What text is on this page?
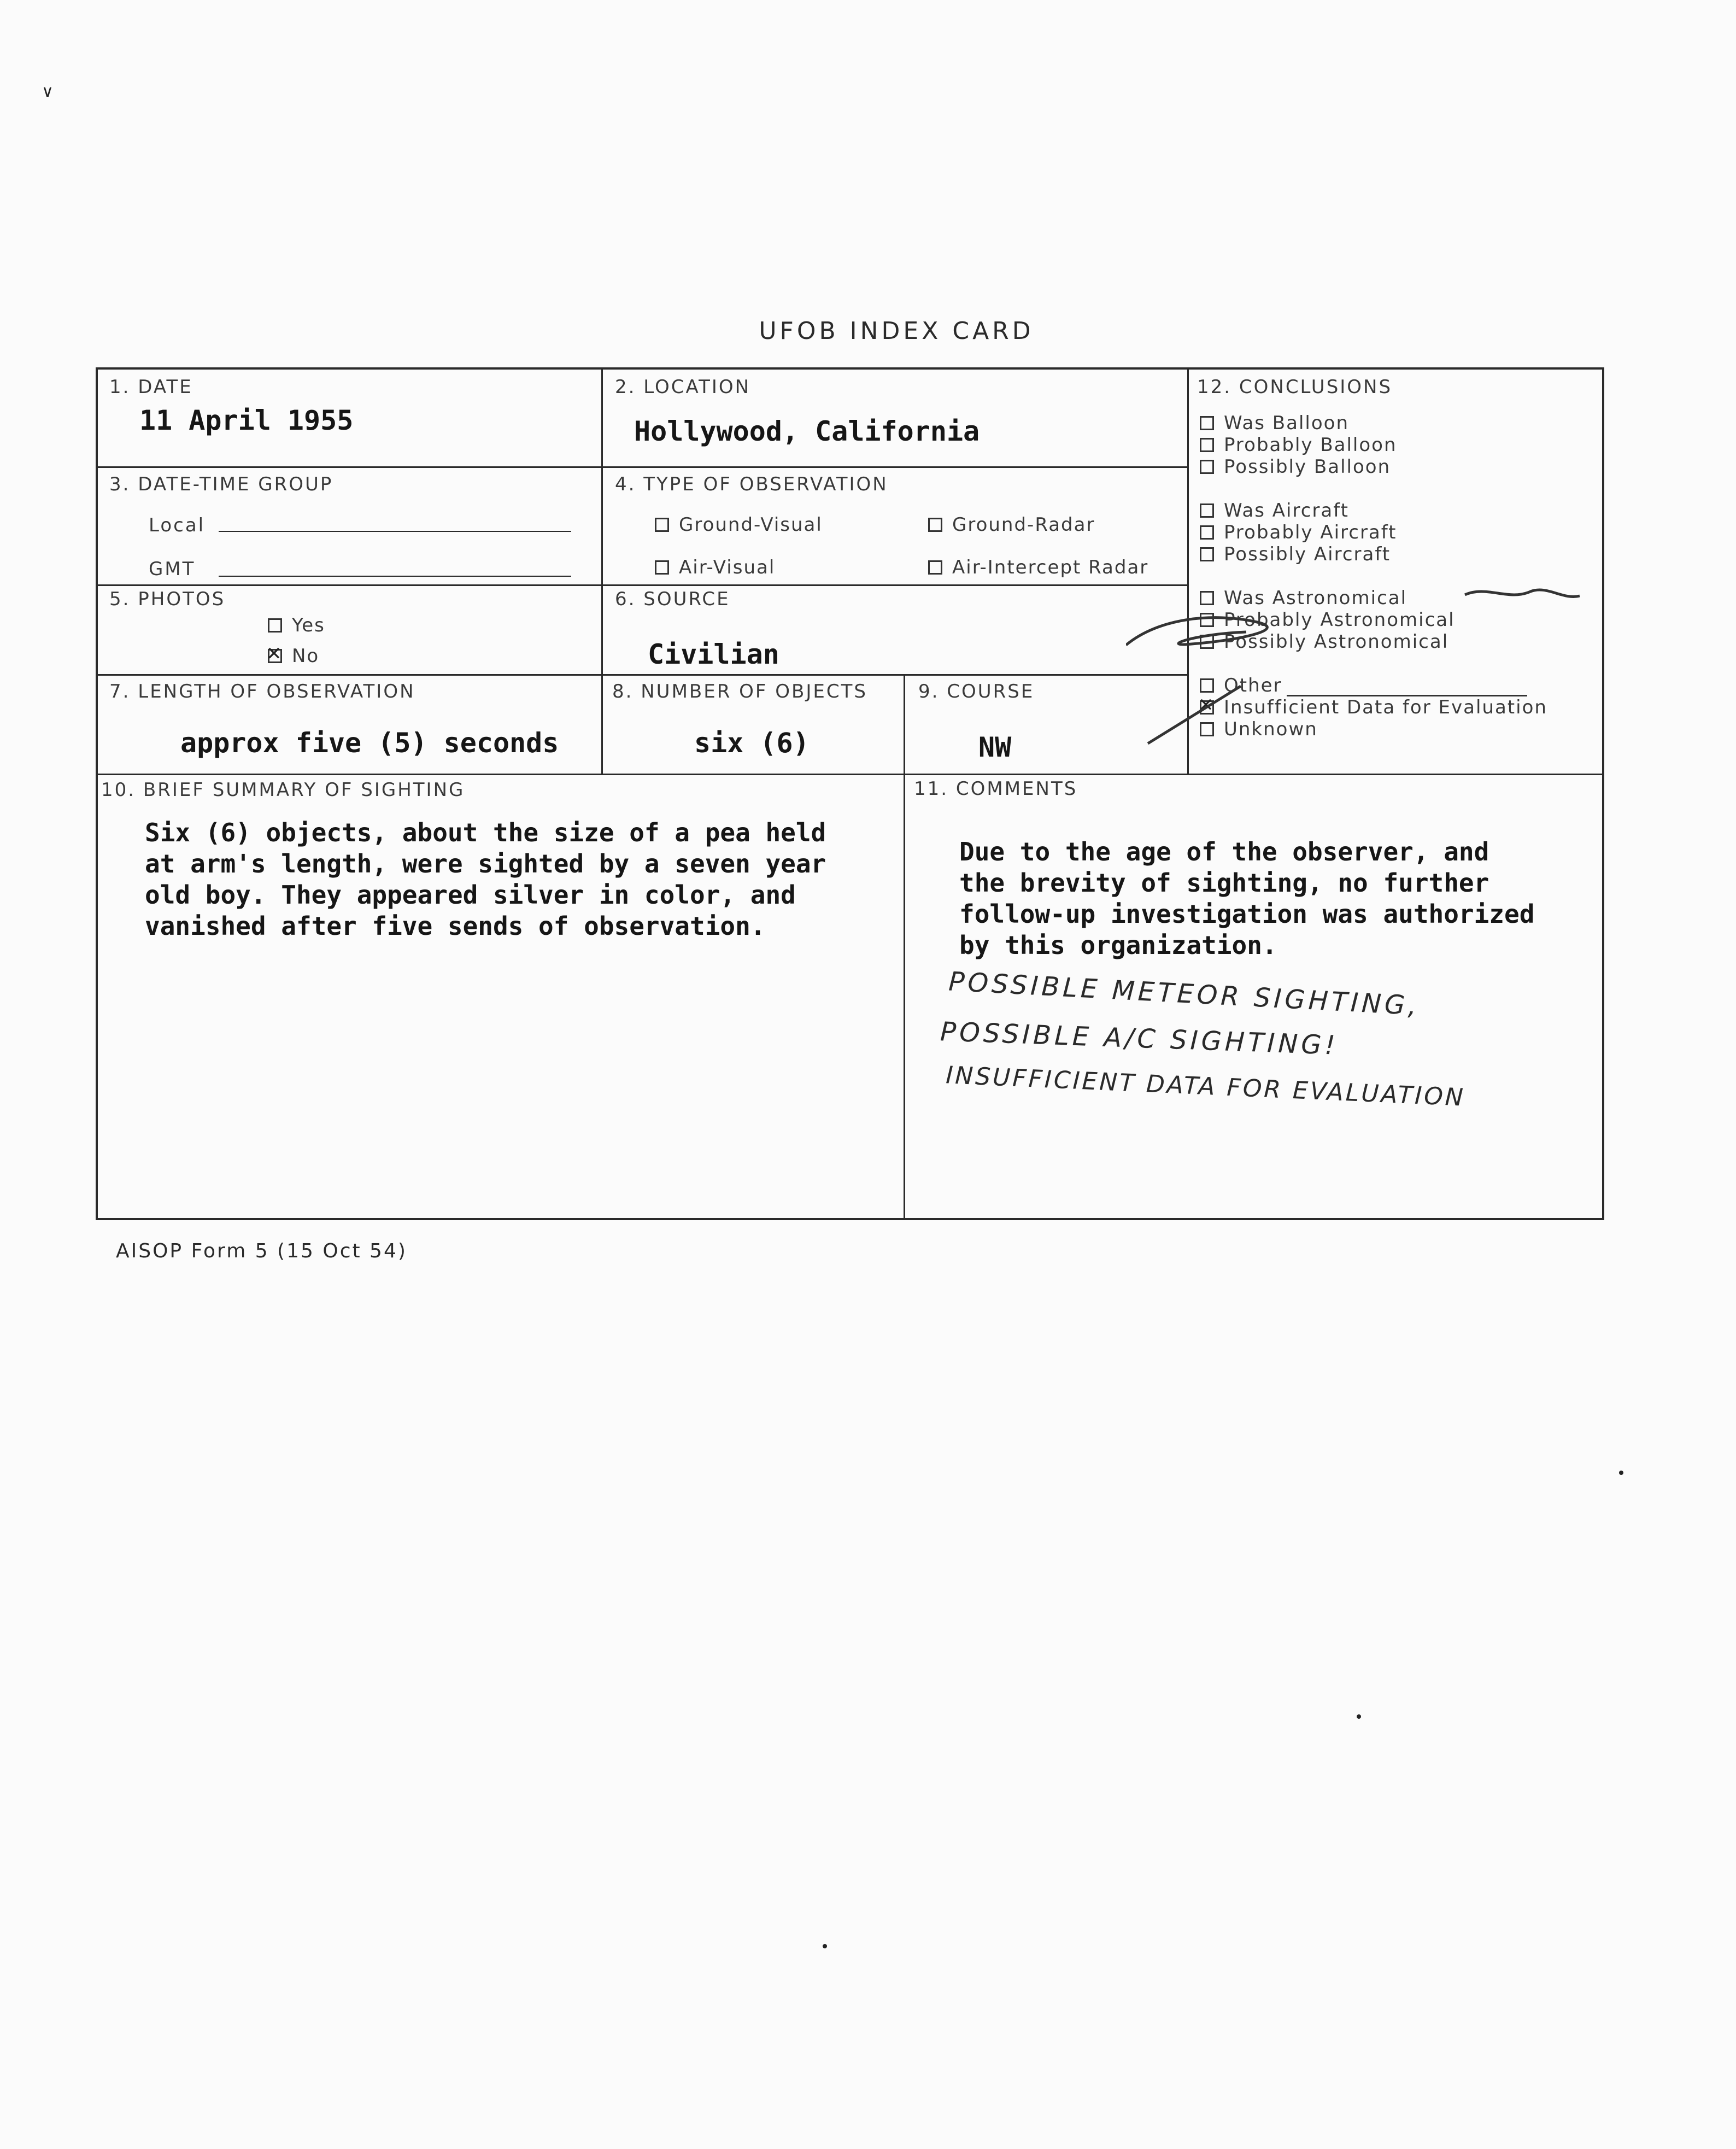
∨
UFOB INDEX CARD
1. DATE
11 April 1955
2. LOCATION
Hollywood, California
3. DATE-TIME GROUP
Local
GMT
4. TYPE OF OBSERVATION
Ground-Visual	Ground-Radar
Air-Visual	Air-Intercept Radar
5. PHOTOS
Yes
✕No
6. SOURCE
Civilian
7. LENGTH OF OBSERVATION
approx five (5) seconds
8. NUMBER OF OBJECTS
six (6)
9. COURSE
NW
12. CONCLUSIONS
Was Balloon
Probably Balloon
Possibly Balloon
Was Aircraft
Probably Aircraft
Possibly Aircraft
Was Astronomical
Probably Astronomical
Possibly Astronomical
Other
✕Insufficient Data for Evaluation
Unknown
10. BRIEF SUMMARY OF SIGHTING
Six (6) objects, about the size of a pea held
at arm's length, were sighted by a seven year
old boy. They appeared silver in color, and
vanished after five sends of observation.
11. COMMENTS
Due to the age of the observer, and
the brevity of sighting, no further
follow-up investigation was authorized
by this organization.
POSSIBLE METEOR SIGHTING,
POSSIBLE A/C SIGHTING!
INSUFFICIENT DATA FOR EVALUATION
AISOP Form 5 (15 Oct 54)
